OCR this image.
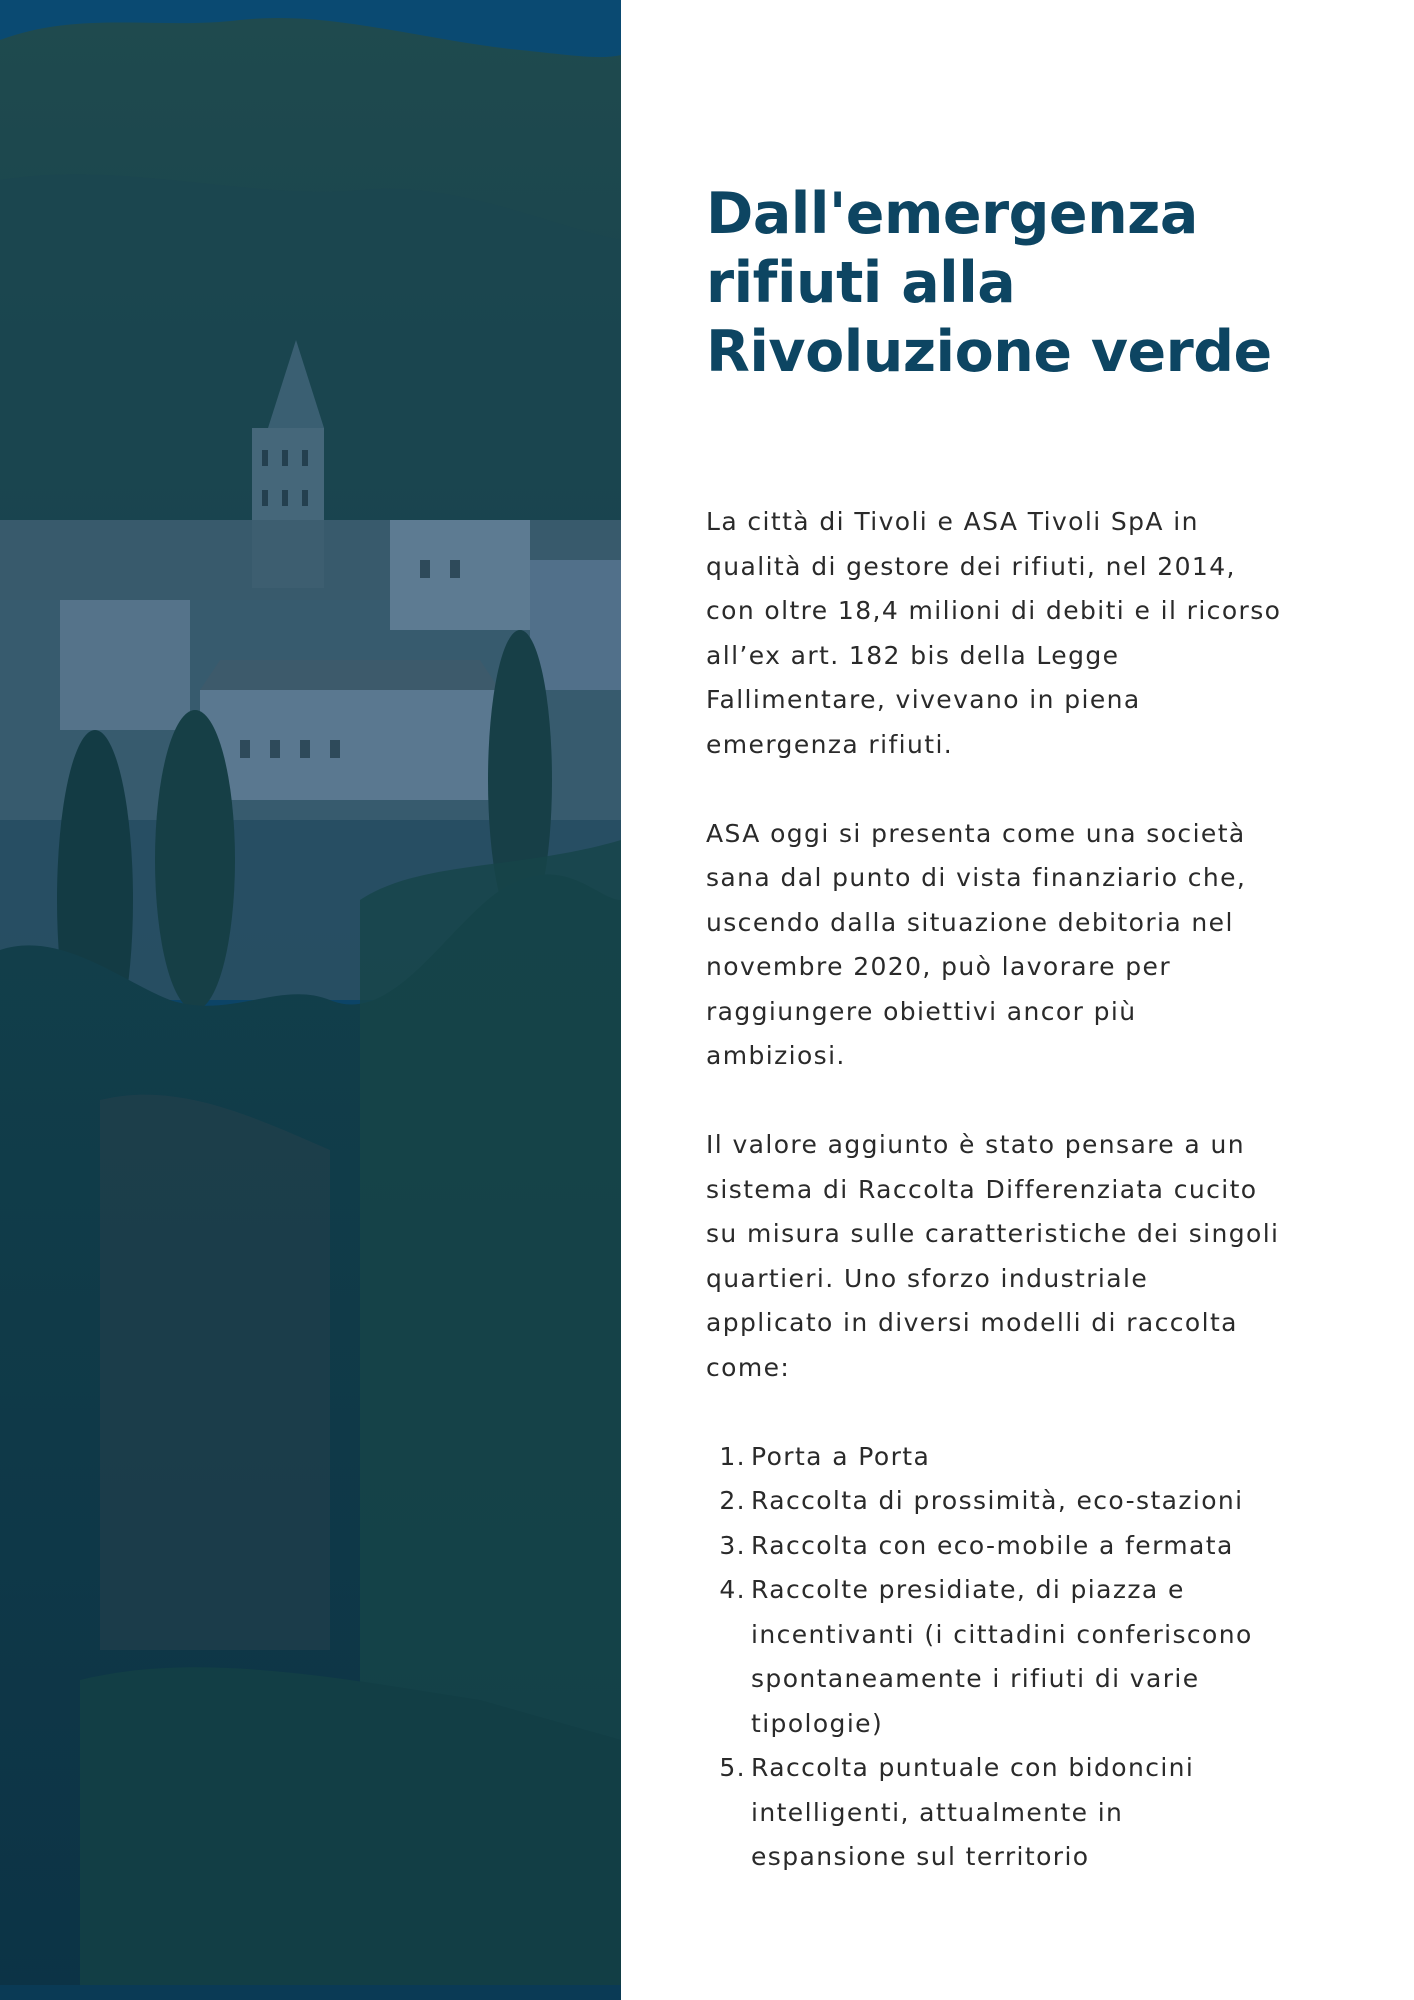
Dall'emergenza
rifiuti alla
Rivoluzione verde

La città di Tivoli e ASA Tivoli SpA in
qualità di gestore dei rifiuti, nel 2014,
con oltre 18,4 milioni di debiti e il ricorso
all’ex art. 182 bis della Legge
Fallimentare, vivevano in piena
emergenza rifiuti.

ASA oggi si presenta come una società
sana dal punto di vista finanziario che,
uscendo dalla situazione debitoria nel
novembre 2020, può lavorare per
raggiungere obiettivi ancor più
ambiziosi.

Il valore aggiunto è stato pensare a un
sistema di Raccolta Differenziata cucito
su misura sulle caratteristiche dei singoli
quartieri. Uno sforzo industriale
applicato in diversi modelli di raccolta
come:

1. Porta a Porta
2. Raccolta di prossimità, eco-stazioni
3. Raccolta con eco-mobile a fermata
4. Raccolte presidiate, di piazza e
incentivanti (i cittadini conferiscono
spontaneamente i rifiuti di varie
tipologie)
5. Raccolta puntuale con bidoncini
intelligenti, attualmente in
espansione sul territorio
